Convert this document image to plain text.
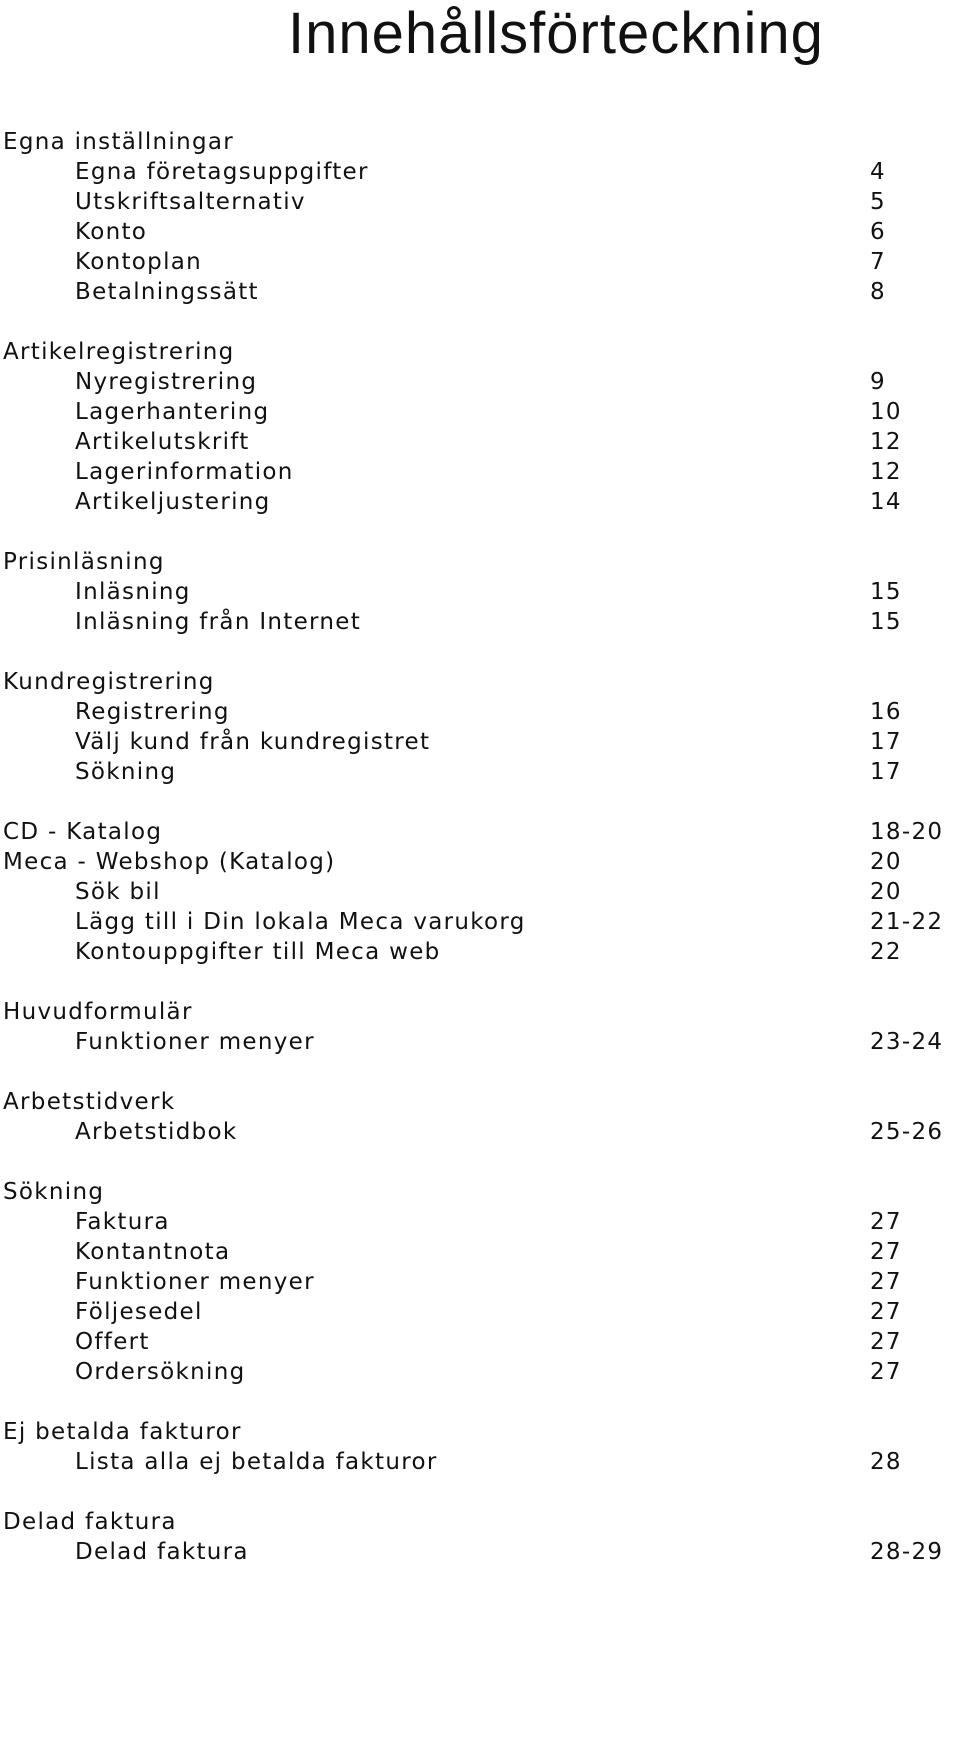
Innehållsförteckning
Egna inställningar
Egna företagsuppgifter	4
Utskriftsalternativ	5
Konto	6
Kontoplan	7
Betalningssätt	8
Artikelregistrering
Nyregistrering	9
Lagerhantering	10
Artikelutskrift	12
Lagerinformation	12
Artikeljustering	14
Prisinläsning
Inläsning	15
Inläsning från Internet	15
Kundregistrering
Registrering	16
Välj kund från kundregistret	17
Sökning	17
CD - Katalog	18-20
Meca - Webshop (Katalog)	20
Sök bil	20
Lägg till i Din lokala Meca varukorg	21-22
Kontouppgifter till Meca web	22
Huvudformulär
Funktioner menyer	23-24
Arbetstidverk
Arbetstidbok	25-26
Sökning
Faktura	27
Kontantnota	27
Funktioner menyer	27
Följesedel	27
Offert	27
Ordersökning	27
Ej betalda fakturor
Lista alla ej betalda fakturor	28
Delad faktura
Delad faktura	28-29
